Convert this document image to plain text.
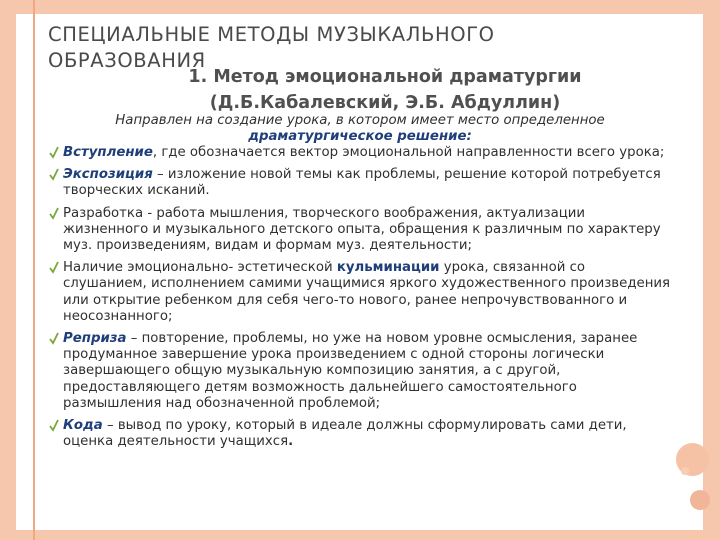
СПЕЦИАЛЬНЫЕ МЕТОДЫ МУЗЫКАЛЬНОГО
ОБРАЗОВАНИЯ
1. Метод эмоциональной драматургии
(Д.Б.Кабалевский, Э.Б. Абдуллин)
Направлен на создание урока, в котором имеет место определенное
драматургическое решение:
Вступление, где обозначается вектор эмоциональной направленности всего урока;
Экспозиция – изложение новой темы как проблемы, решение которой потребуется творческих исканий.
Разработка - работа мышления, творческого воображения, актуализации жизненного и музыкального детского опыта, обращения к различным по характеру муз. произведениям, видам и формам муз. деятельности;
Наличие эмоционально- эстетической кульминации урока, связанной со слушанием, исполнением самими учащимися яркого художественного произведения или открытие ребенком для себя чего-то нового, ранее непрочувствованного и неосознанного;
Реприза – повторение, проблемы, но уже на новом уровне осмысления, заранее продуманное завершение урока произведением с одной стороны логически завершающего общую музыкальную композицию занятия, а с другой, предоставляющего детям возможность дальнейшего самостоятельного размышления над обозначенной проблемой;
Кода – вывод по уроку, который в идеале должны сформулировать сами дети, оценка деятельности учащихся.
